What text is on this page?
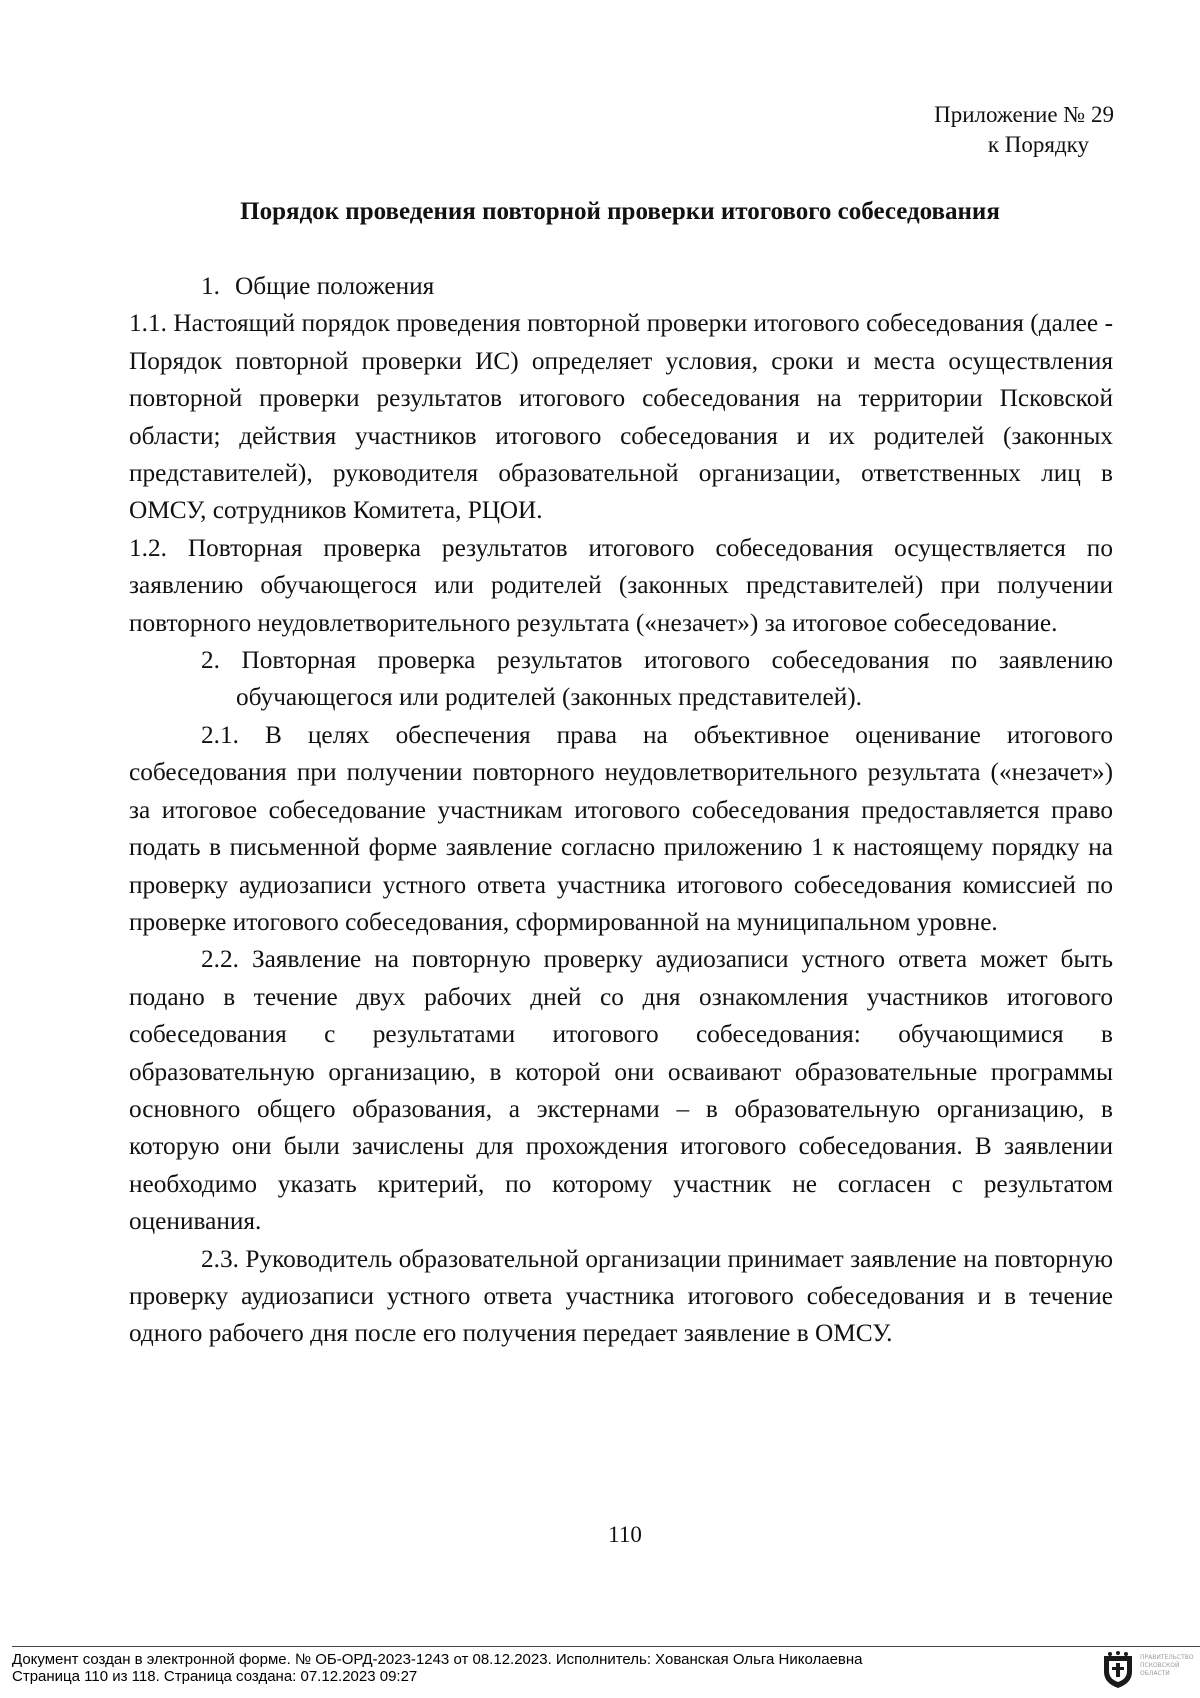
Приложение № 29
к Порядку
Порядок проведения повторной проверки итогового собеседования

1. Общие положения

1.1. Настоящий порядок проведения повторной проверки итогового собеседования (далее - Порядок повторной проверки ИС) определяет условия, сроки и места осуществления повторной проверки результатов итогового собеседования на территории Псковской области; действия участников итогового собеседования и их родителей (законных представителей), руководителя образовательной организации, ответственных лиц в ОМСУ, сотрудников Комитета, РЦОИ.

1.2. Повторная проверка результатов итогового собеседования осуществляется по заявлению обучающегося или родителей (законных представителей) при получении повторного неудовлетворительного результата («незачет») за итоговое собеседование.

2. Повторная проверка результатов итогового собеседования по заявлению обучающегося или родителей (законных представителей).

2.1. В целях обеспечения права на объективное оценивание итогового собеседования при получении повторного неудовлетворительного результата («незачет») за итоговое собеседование участникам итогового собеседования предоставляется право подать в письменной форме заявление согласно приложению 1 к настоящему порядку на проверку аудиозаписи устного ответа участника итогового собеседования комиссией по проверке итогового собеседования, сформированной на муниципальном уровне.

2.2. Заявление на повторную проверку аудиозаписи устного ответа может быть подано в течение двух рабочих дней со дня ознакомления участников итогового собеседования с результатами итогового собеседования: обучающимися в образовательную организацию, в которой они осваивают образовательные программы основного общего образования, а экстернами – в образовательную организацию, в которую они были зачислены для прохождения итогового собеседования. В заявлении необходимо указать критерий, по которому участник не согласен с результатом оценивания.

2.3. Руководитель образовательной организации принимает заявление на повторную проверку аудиозаписи устного ответа участника итогового собеседования и в течение одного рабочего дня после его получения передает заявление в ОМСУ.

110
Документ создан в электронной форме. № ОБ-ОРД-2023-1243 от 08.12.2023. Исполнитель: Хованская Ольга Николаевна
Страница 110 из 118. Страница создана: 07.12.2023 09:27
ПРАВИТЕЛЬСТВО ПСКОВСКОЙ ОБЛАСТИ
